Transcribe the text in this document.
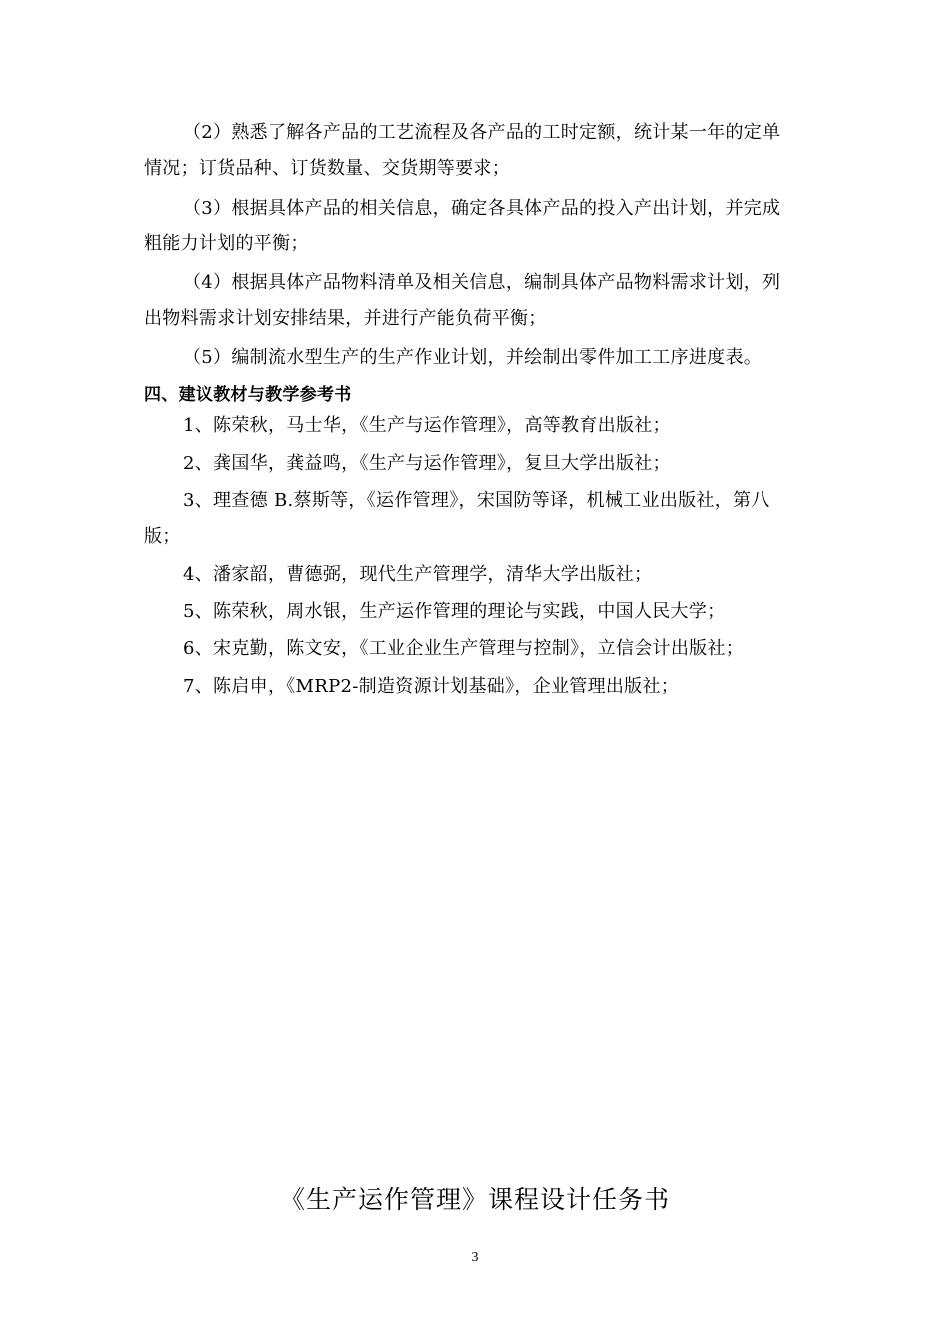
（2）熟悉了解各产品的工艺流程及各产品的工时定额，统计某一年的定单
情况；订货品种、订货数量、交货期等要求；
（3）根据具体产品的相关信息，确定各具体产品的投入产出计划，并完成
粗能力计划的平衡；
（4）根据具体产品物料清单及相关信息，编制具体产品物料需求计划，列
出物料需求计划安排结果，并进行产能负荷平衡；
（5）编制流水型生产的生产作业计划，并绘制出零件加工工序进度表。
四、建议教材与教学参考书
1、陈荣秋，马士华，《生产与运作管理》，高等教育出版社；
2、龚国华，龚益鸣，《生产与运作管理》，复旦大学出版社；
3、理查德 B.蔡斯等，《运作管理》，宋国防等译，机械工业出版社，第八
版；
4、潘家韶，曹德弼，现代生产管理学，清华大学出版社；
5、陈荣秋，周水银，生产运作管理的理论与实践，中国人民大学；
6、宋克勤，陈文安，《工业企业生产管理与控制》，立信会计出版社；
7、陈启申，《MRP2-制造资源计划基础》，企业管理出版社；
《生产运作管理》课程设计任务书
3
